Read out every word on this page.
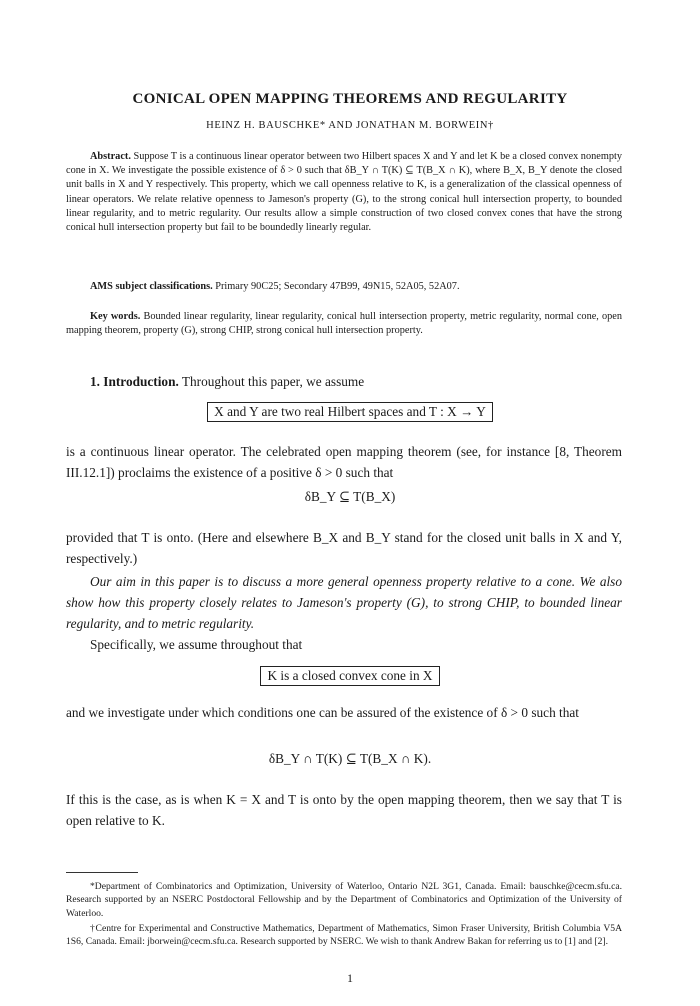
CONICAL OPEN MAPPING THEOREMS AND REGULARITY
HEINZ H. BAUSCHKE* AND JONATHAN M. BORWEIN†
Abstract. Suppose T is a continuous linear operator between two Hilbert spaces X and Y and let K be a closed convex nonempty cone in X. We investigate the possible existence of δ > 0 such that δB_Y ∩ T(K) ⊆ T(B_X ∩ K), where B_X, B_Y denote the closed unit balls in X and Y respectively. This property, which we call openness relative to K, is a generalization of the classical openness of linear operators. We relate relative openness to Jameson's property (G), to the strong conical hull intersection property, to bounded linear regularity, and to metric regularity. Our results allow a simple construction of two closed convex cones that have the strong conical hull intersection property but fail to be boundedly linearly regular.
AMS subject classifications. Primary 90C25; Secondary 47B99, 49N15, 52A05, 52A07.
Key words. Bounded linear regularity, linear regularity, conical hull intersection property, metric regularity, normal cone, open mapping theorem, property (G), strong CHIP, strong conical hull intersection property.
1. Introduction. Throughout this paper, we assume
X and Y are two real Hilbert spaces and T : X → Y
is a continuous linear operator. The celebrated open mapping theorem (see, for instance [8, Theorem III.12.1]) proclaims the existence of a positive δ > 0 such that
δB_Y ⊆ T(B_X)
provided that T is onto. (Here and elsewhere B_X and B_Y stand for the closed unit balls in X and Y, respectively.)
Our aim in this paper is to discuss a more general openness property relative to a cone. We also show how this property closely relates to Jameson's property (G), to strong CHIP, to bounded linear regularity, and to metric regularity.
Specifically, we assume throughout that
K is a closed convex cone in X
and we investigate under which conditions one can be assured of the existence of δ > 0 such that
δB_Y ∩ T(K) ⊆ T(B_X ∩ K).
If this is the case, as is when K = X and T is onto by the open mapping theorem, then we say that T is open relative to K.
*Department of Combinatorics and Optimization, University of Waterloo, Ontario N2L 3G1, Canada. Email: bauschke@cecm.sfu.ca. Research supported by an NSERC Postdoctoral Fellowship and by the Department of Combinatorics and Optimization of the University of Waterloo.
†Centre for Experimental and Constructive Mathematics, Department of Mathematics, Simon Fraser University, British Columbia V5A 1S6, Canada. Email: jborwein@cecm.sfu.ca. Research supported by NSERC. We wish to thank Andrew Bakan for referring us to [1] and [2].
1
